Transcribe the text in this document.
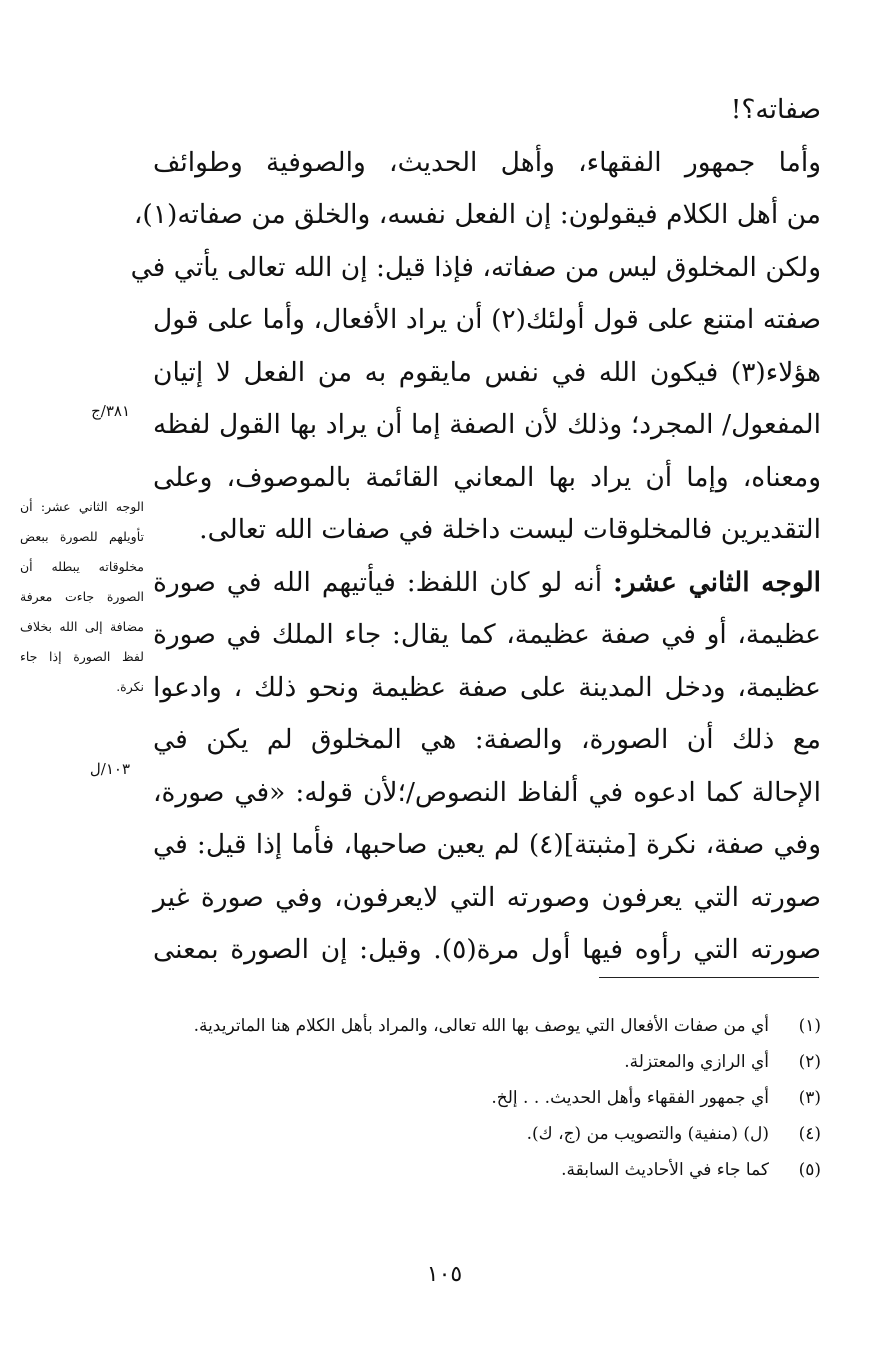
صفاته؟!
وأما جمهور الفقهاء، وأهل الحديث، والصوفية وطوائف
من أهل الكلام فيقولون: إن الفعل نفسه، والخلق من صفاته(١)،
ولكن المخلوق ليس من صفاته، فإذا قيل: إن الله تعالى يأتي في
صفته امتنع على قول أولئك(٢) أن يراد الأفعال، وأما على قول
هؤلاء(٣) فيكون الله في نفس مايقوم به من الفعل لا إتيان
المفعول/ المجرد؛ وذلك لأن الصفة إما أن يراد بها القول لفظه
ومعناه، وإما أن يراد بها المعاني القائمة بالموصوف، وعلى
التقديرين فالمخلوقات ليست داخلة في صفات الله تعالى.
الوجه الثاني عشر: أنه لو كان اللفظ: فيأتيهم الله في صورة
عظيمة، أو في صفة عظيمة، كما يقال: جاء الملك في صورة
عظيمة، ودخل المدينة على صفة عظيمة ونحو ذلك ، وادعوا
مع ذلك أن الصورة، والصفة: هي المخلوق لم يكن في
الإحالة كما ادعوه في ألفاظ النصوص/؛لأن قوله: «في صورة،
وفي صفة، نكرة [مثبتة](٤) لم يعين صاحبها، فأما إذا قيل: في
صورته التي يعرفون وصورته التي لايعرفون، وفي صورة غير
صورته التي رأوه فيها أول مرة(٥). وقيل: إن الصورة بمعنى
٣٨١/ج
الوجه الثاني عشر: أن تأويلهم للصورة ببعض مخلوقاته يبطله أن الصورة جاءت معرفة مضافة إلى الله بخلاف لفظ الصورة إذا جاء نكرة.
١٠٣/ل
(١)
أي من صفات الأفعال التي يوصف بها الله تعالى، والمراد بأهل الكلام هنا الماتريدية.
(٢)
أي الرازي والمعتزلة.
(٣)
أي جمهور الفقهاء وأهل الحديث. . . إلخ.
(٤)
(ل) (منفية) والتصويب من (ج، ك).
(٥)
كما جاء في الأحاديث السابقة.
١٠٥
